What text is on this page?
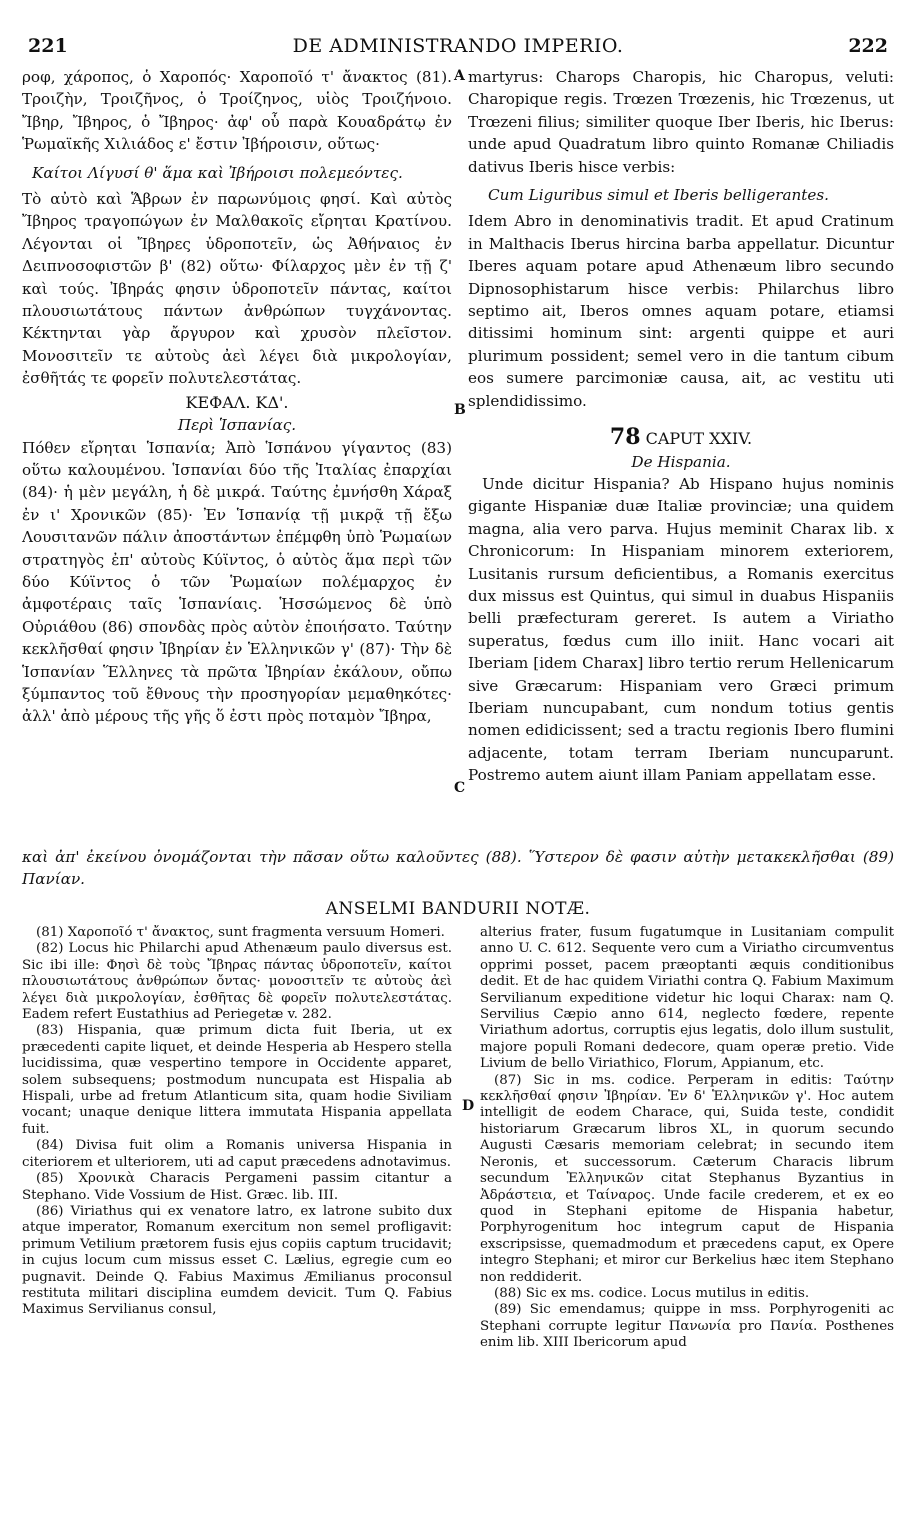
221	DE ADMINISTRANDO IMPERIO.	222

ροφ, χάροπος, ὁ Χαροπός· Χαροποῖό τ' ἄνακτος (81). Τροιζὴν, Τροιζῆνος, ὁ Τροίζηνος, υἱὸς Τροιζήνοιο. Ἴβηρ, Ἴβηρος, ὁ Ἴβηρος· ἀφ' οὗ παρὰ Κουαδράτῳ ἐν Ῥωμαϊκῆς Χιλιάδος ε' ἔστιν Ἰβήροισιν, οὕτως·

Καίτοι Λίγυσί θ' ἅμα καὶ Ἰβήροισι πολεμεόντες.

Τὸ αὐτὸ καὶ Ἅβρων ἐν παρωνύμοις φησί. Καὶ αὐτὸς Ἴβηρος τραγοπώγων ἐν Μαλθακοῖς εἴρηται Κρατίνου. Λέγονται οἱ Ἴβηρες ὑδροποτεῖν, ὡς Ἀθήναιος ἐν Δειπνοσοφιστῶν β' (82) οὕτω· Φίλαρχος μὲν ἐν τῇ ζ' καὶ τούς. Ἰβηράς φησιν ὑδροποτεῖν πάντας, καίτοι πλουσιωτάτους πάντων ἀνθρώπων τυγχάνοντας. Κέκτηνται γὰρ ἄργυρον καὶ χρυσὸν πλεῖστον. Μονοσιτεῖν τε αὐτοὺς ἀεὶ λέγει διὰ μικρολογίαν, ἐσθῆτάς τε φορεῖν πολυτελεστάτας.

ΚΕΦΑΛ. ΚΔ'.

Περὶ Ἱσπανίας.

Πόθεν εἴρηται Ἱσπανία; Ἀπὸ Ἱσπάνου γίγαντος (83) οὕτω καλουμένου. Ἱσπανίαι δύο τῆς Ἰταλίας ἐπαρχίαι (84)· ἡ μὲν μεγάλη, ἡ δὲ μικρά. Ταύτης ἐμνήσθη Χάραξ ἐν ι' Χρονικῶν (85)· Ἐν Ἱσπανίᾳ τῇ μικρᾷ τῇ ἔξω Λουσιτανῶν πάλιν ἀποστάντων ἐπέμφθη ὑπὸ Ῥωμαίων στρατηγὸς ἐπ' αὐτοὺς Κύϊντος, ὁ αὐτὸς ἅμα περὶ τῶν δύο Κύϊντος ὁ τῶν Ῥωμαίων πολέμαρχος ἐν ἀμφοτέραις ταῖς Ἱσπανίαις. Ἡσσώμενος δὲ ὑπὸ Οὐριάθου (86) σπονδὰς πρὸς αὐτὸν ἐποιήσατο. Ταύτην κεκλῆσθαί φησιν Ἰβηρίαν ἐν Ἑλληνικῶν γ' (87)· Τὴν δὲ Ἱσπανίαν Ἕλληνες τὰ πρῶτα Ἰβηρίαν ἐκάλουν, οὔπω ξύμπαντος τοῦ ἔθνους τὴν προσηγορίαν μεμαθηκότες· ἀλλ' ἀπὸ μέρους τῆς γῆς ὅ ἐστι πρὸς ποταμὸν Ἴβηρα,

martyrus: Charops Charopis, hic Charopus, veluti: Charopique regis. Trœzen Trœzenis, hic Trœzenus, ut Trœzeni filius; similiter quoque Iber Iberis, hic Iberus: unde apud Quadratum libro quinto Romanæ Chiliadis dativus Iberis hisce verbis:

Cum Liguribus simul et Iberis belligerantes.

Idem Abro in denominativis tradit. Et apud Cratinum in Malthacis Iberus hircina barba appellatur. Dicuntur Iberes aquam potare apud Athenæum libro secundo Dipnosophistarum hisce verbis: Philarchus libro septimo ait, Iberos omnes aquam potare, etiamsi ditissimi hominum sint: argenti quippe et auri plurimum possident; semel vero in die tantum cibum eos sumere parcimoniæ causa, ait, ac vestitu uti splendidissimo.

78 CAPUT XXIV.

De Hispania.

Unde dicitur Hispania? Ab Hispano hujus nominis gigante Hispaniæ duæ Italiæ provinciæ; una quidem magna, alia vero parva. Hujus meminit Charax lib. x Chronicorum: In Hispaniam minorem exteriorem, Lusitanis rursum deficientibus, a Romanis exercitus dux missus est Quintus, qui simul in duabus Hispaniis belli præfecturam gereret. Is autem a Viriatho superatus, fœdus cum illo iniit. Hanc vocari ait Iberiam [idem Charax] libro tertio rerum Hellenicarum sive Græcarum: Hispaniam vero Græci primum Iberiam nuncupabant, cum nondum totius gentis nomen edidicissent; sed a tractu regionis Ibero flumini adjacente, totam terram Iberiam nuncuparunt. Postremo autem aiunt illam Paniam appellatam esse.

A
B
C
D
καὶ ἀπ' ἐκείνου ὀνομάζονται τὴν πᾶσαν οὕτω καλοῦντες (88). Ὕστερον δὲ φασιν αὐτὴν μετακεκλῆσθαι (89) Πανίαν.
ANSELMI BANDURII NOTÆ.

(81) Χαροποῖό τ' ἄνακτος, sunt fragmenta versuum Homeri.

(82) Locus hic Philarchi apud Athenæum paulo diversus est. Sic ibi ille: Φησὶ δὲ τοὺς Ἴβηρας πάντας ὑδροποτεῖν, καίτοι πλουσιωτάτους ἀνθρώπων ὄντας· μονοσιτεῖν τε αὐτοὺς ἀεὶ λέγει διὰ μικρολογίαν, ἐσθῆτας δὲ φορεῖν πολυτελεστάτας. Eadem refert Eustathius ad Periegetæ v. 282.

(83) Hispania, quæ primum dicta fuit Iberia, ut ex præcedenti capite liquet, et deinde Hesperia ab Hespero stella lucidissima, quæ vespertino tempore in Occidente apparet, solem subsequens; postmodum nuncupata est Hispalia ab Hispali, urbe ad fretum Atlanticum sita, quam hodie Siviliam vocant; unaque denique littera immutata Hispania appellata fuit.

(84) Divisa fuit olim a Romanis universa Hispania in citeriorem et ulteriorem, uti ad caput præcedens adnotavimus.

(85) Χρονικὰ Characis Pergameni passim citantur a Stephano. Vide Vossium de Hist. Græc. lib. III.

(86) Viriathus qui ex venatore latro, ex latrone subito dux atque imperator, Romanum exercitum non semel profligavit: primum Vetilium prætorem fusis ejus copiis captum trucidavit; in cujus locum cum missus esset C. Lælius, egregie cum eo pugnavit. Deinde Q. Fabius Maximus Æmilianus proconsul restituta militari disciplina eumdem devicit. Tum Q. Fabius Maximus Servilianus consul,

alterius frater, fusum fugatumque in Lusitaniam compulit anno U. C. 612. Sequente vero cum a Viriatho circumventus opprimi posset, pacem præoptanti æquis conditionibus dedit. Et de hac quidem Viriathi contra Q. Fabium Maximum Servilianum expeditione videtur hic loqui Charax: nam Q. Servilius Cæpio anno 614, neglecto fœdere, repente Viriathum adortus, corruptis ejus legatis, dolo illum sustulit, majore populi Romani dedecore, quam operæ pretio. Vide Livium de bello Viriathico, Florum, Appianum, etc.

(87) Sic in ms. codice. Perperam in editis: Ταύτην κεκλῆσθαί φησιν Ἰβηρίαν. Ἐν δ' Ἑλληνικῶν γ'. Hoc autem intelligit de eodem Charace, qui, Suida teste, condidit historiarum Græcarum libros XL, in quorum secundo Augusti Cæsaris memoriam celebrat; in secundo item Neronis, et successorum. Cæterum Characis librum secundum Ἑλληνικῶν citat Stephanus Byzantius in Ἀδράστεια, et Ταίναρος. Unde facile crederem, et ex eo quod in Stephani epitome de Hispania habetur, Porphyrogenitum hoc integrum caput de Hispania exscripsisse, quemadmodum et præcedens caput, ex Opere integro Stephani; et miror cur Berkelius hæc item Stephano non reddiderit.

(88) Sic ex ms. codice. Locus mutilus in editis.

(89) Sic emendamus; quippe in mss. Porphyrogeniti ac Stephani corrupte legitur Πανωνία pro Πανία. Posthenes enim lib. XIII Ibericorum apud
